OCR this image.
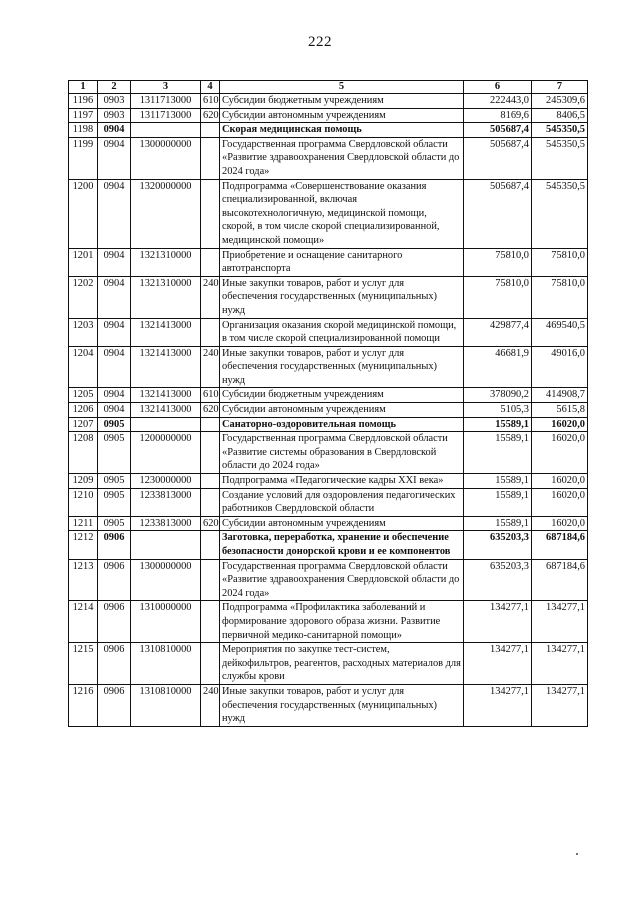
222
1	2	3	4	5	6	7
1196	0903	1311713000	610	Субсидии бюджетным учреждениям	222443,0	245309,6
1197	0903	1311713000	620	Субсидии автономным учреждениям	8169,6	8406,5
1198	0904			Скорая медицинская помощь	505687,4	545350,5
1199	0904	1300000000		Государственная программа Свердловской области «Развитие здравоохранения Свердловской области до 2024 года»	505687,4	545350,5
1200	0904	1320000000		Подпрограмма «Совершенствование оказания специализированной, включая высокотехнологичную, медицинской помощи, скорой, в том числе скорой специализированной, медицинской помощи»	505687,4	545350,5
1201	0904	1321310000		Приобретение и оснащение санитарного автотранспорта	75810,0	75810,0
1202	0904	1321310000	240	Иные закупки товаров, работ и услуг для обеспечения государственных (муниципальных) нужд	75810,0	75810,0
1203	0904	1321413000		Организация оказания скорой медицинской помощи, в том числе скорой специализированной помощи	429877,4	469540,5
1204	0904	1321413000	240	Иные закупки товаров, работ и услуг для обеспечения государственных (муниципальных) нужд	46681,9	49016,0
1205	0904	1321413000	610	Субсидии бюджетным учреждениям	378090,2	414908,7
1206	0904	1321413000	620	Субсидии автономным учреждениям	5105,3	5615,8
1207	0905			Санаторно-оздоровительная помощь	15589,1	16020,0
1208	0905	1200000000		Государственная программа Свердловской области «Развитие системы образования в Свердловской области до 2024 года»	15589,1	16020,0
1209	0905	1230000000		Подпрограмма «Педагогические кадры XXI века»	15589,1	16020,0
1210	0905	1233813000		Создание условий для оздоровления педагогических работников Свердловской области	15589,1	16020,0
1211	0905	1233813000	620	Субсидии автономным учреждениям	15589,1	16020,0
1212	0906			Заготовка, переработка, хранение и обеспечение безопасности донорской крови и ее компонентов	635203,3	687184,6
1213	0906	1300000000		Государственная программа Свердловской области «Развитие здравоохранения Свердловской области до 2024 года»	635203,3	687184,6
1214	0906	1310000000		Подпрограмма «Профилактика заболеваний и формирование здорового образа жизни. Развитие первичной медико-санитарной помощи»	134277,1	134277,1
1215	0906	1310810000		Мероприятия по закупке тест-систем, дейкофильтров, реагентов, расходных материалов для службы крови	134277,1	134277,1
1216	0906	1310810000	240	Иные закупки товаров, работ и услуг для обеспечения государственных (муниципальных) нужд	134277,1	134277,1
